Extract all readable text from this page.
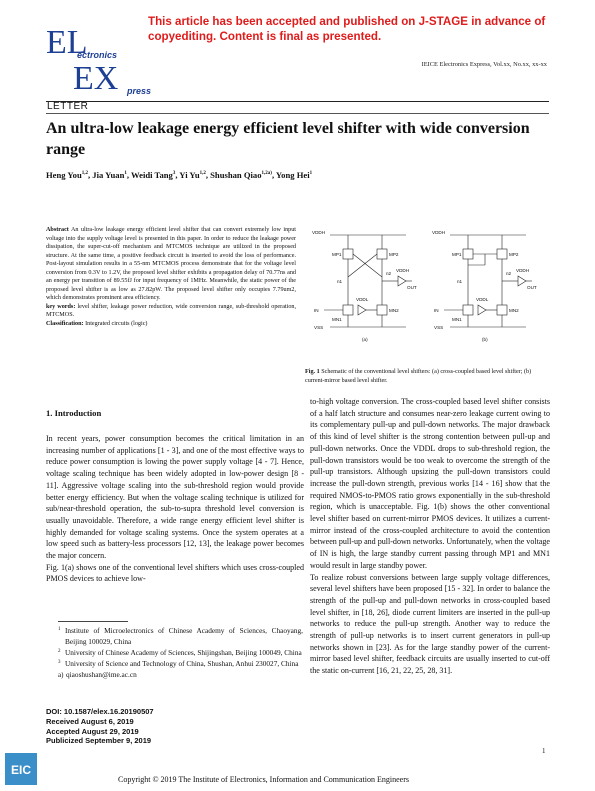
EL
ectronics
EX press
This article has been accepted and published on J-STAGE in advance of copyediting. Content is final as presented.
IEICE Electronics Express, Vol.xx, No.xx, xx-xx
LETTER
An ultra-low leakage energy efficient level shifter with wide conversion range
Heng You$^{1,2}$, Jia Yuan$^1$, Weidi Tang$^3$, Yi Yu$^{1,2}$, Shushan Qiao$^{1,2a)}$, Yong Hei$^1$
Abstract An ultra-low leakage energy efficient level shifter that can convert extremely low input voltage into the supply voltage level is presented in this paper. In order to reduce the leakage power dissipation, the super-cut-off mechanism and MTCMOS technique are utilized in the proposed structure. At the same time, a positive feedback circuit is inserted to avoid the loss of performance. Post-layout simulation results in a 55-nm MTCMOS process demonstrate that for the voltage level conversion from 0.3V to 1.2V, the proposed level shifter exhibits a propagation delay of 70.77ns and an energy per transition of 89.55fJ for input frequency of 1MHz. Meanwhile, the static power of the proposed level shifter is as low as 27.82pW. The proposed level shifter only occupies 7.79um2, which demonstrates prominent area efficiency.
key words: level shifter, leakage power reduction, wide conversion range, sub-threshold operation, MTCMOS.
Classification: Integrated circuits (logic)
VDDH
MP1	MP2
n1
n2
VDDH
OUT
VDDL
IN
MN1
MN2
VSS
(a)
VDDH
MP1	MP2
n1
n2
VDDH
OUT
VDDL
IN
MN1
MN2
VSS
(b)
Fig. 1 Schematic of the conventional level shifters: (a) cross-coupled based level shifter; (b) current-mirror based level shifter.
1. Introduction

In recent years, power consumption becomes the critical limitation in an increasing number of applications [1 - 3], and one of the most effective ways to reduce power consumption is lowing the power supply voltage [4 - 7]. Hence, voltage scaling technique has been widely adopted in low-power design [8 - 11]. Aggressive voltage scaling into the sub-threshold region would provide better energy efficiency. But when the voltage scaling technique is utilized for sub/near-threshold operation, the sub-to-supra threshold level conversion is usually unavoidable. Therefore, a wide range energy efficient level shifter is highly demanded for voltage scaling systems. Once the system operates at a low speed such as battery-less processors [12, 13], the leakage power becomes the major concern.

Fig. 1(a) shows one of the conventional level shifters which uses cross-coupled PMOS devices to achieve low-

to-high voltage conversion. The cross-coupled based level shifter consists of a half latch structure and consumes near-zero leakage current owing to its complementary pull-up and pull-down networks. The major drawback of this kind of level shifter is the strong contention between pull-up and pull-down networks. Once the VDDL drops to sub-threshold region, the pull-down transistors would be too weak to overcome the strength of the pull-up transistors. Although upsizing the pull-down transistors could increase the pull-down strength, previous works [14 - 16] show that the required NMOS-to-PMOS ratio grows exponentially in the sub-threshold region, which is unacceptable. Fig. 1(b) shows the other conventional level shifter based on current-mirror PMOS devices. It utilizes a current-mirror instead of the cross-coupled architecture to avoid the contention between pull-up and pull-down networks. Unfortunately, when the voltage of IN is high, the large standby current passing through MP1 and MN1 would result in large standby power.

To realize robust conversions between large supply voltage differences, several level shifters have been proposed [15 - 32]. In order to balance the strength of the pull-up and pull-down networks in cross-coupled based level shifter, in [18, 26], diode current limiters are inserted in the pull-up networks to reduce the pull-up strength. Another way to reduce the strength of pull-up networks is to insert current generators in pull-up networks shown in [23]. As for the large standby power of the current-mirror based level shifter, feedback circuits are usually inserted to cut-off the static on-current [16, 21, 22, 25, 28, 31].

1 Institute of Microelectronics of Chinese Academy of Sciences, Chaoyang, Beijing 100029, China
2 University of Chinese Academy of Sciences, Shijingshan, Beijing 100049, China
3 University of Science and Technology of China, Shushan, Anhui 230027, China
a) qiaoshushan@ime.ac.cn
DOI: 10.1587/elex.16.20190507
Received August 6, 2019
Accepted August 29, 2019
Publicized September 9, 2019
EIC
1
Copyright © 2019 The Institute of Electronics, Information and Communication Engineers
